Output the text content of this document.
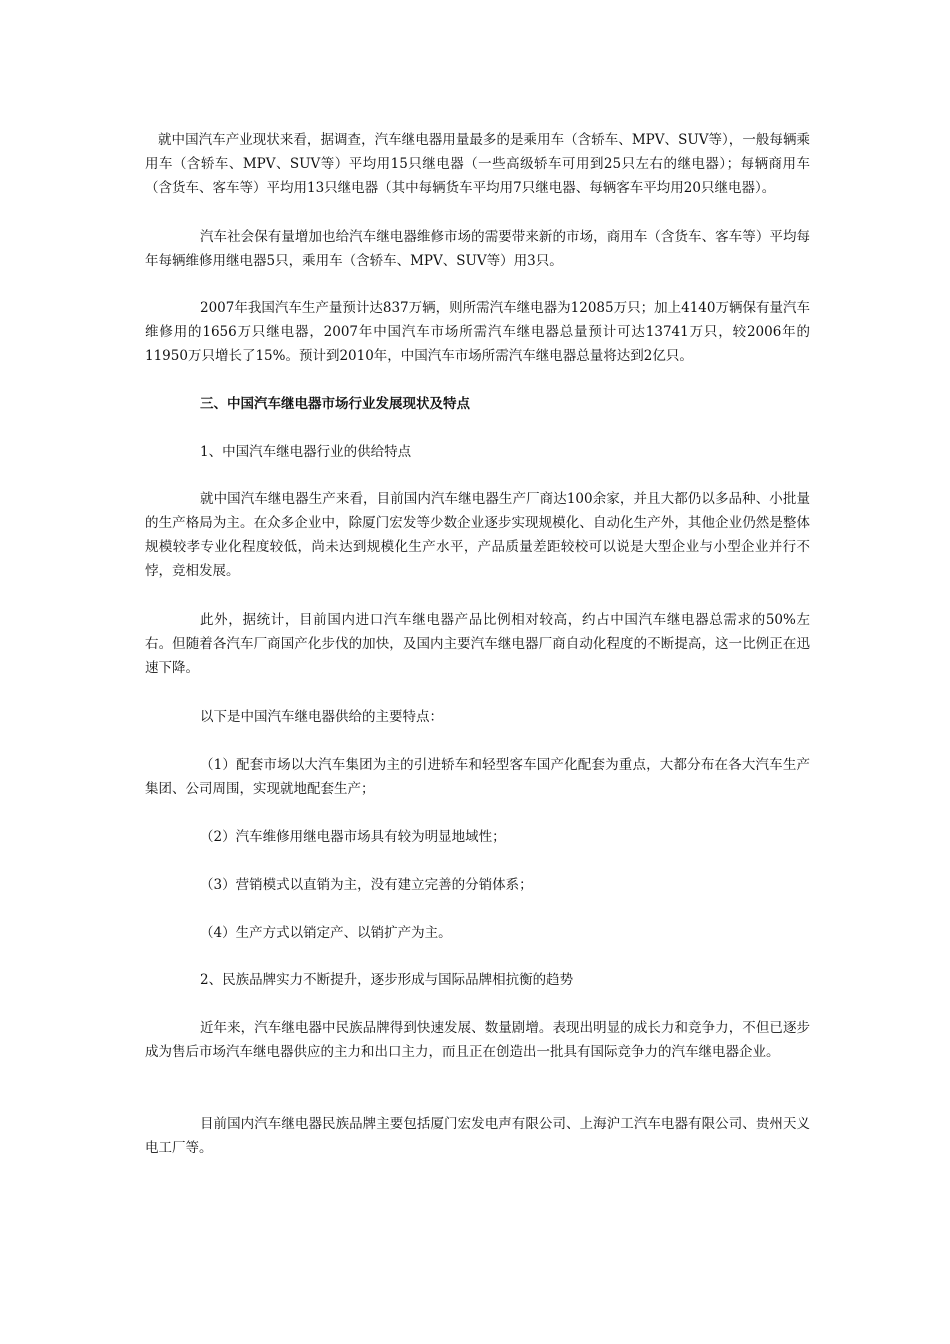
就中国汽车产业现状来看，据调查，汽车继电器用量最多的是乘用车（含轿车、MPV、SUV等），一般每辆乘用车（含轿车、MPV、SUV等）平均用15只继电器（一些高级轿车可用到25只左右的继电器）；每辆商用车（含货车、客车等）平均用13只继电器（其中每辆货车平均用7只继电器、每辆客车平均用20只继电器）。

汽车社会保有量增加也给汽车继电器维修市场的需要带来新的市场，商用车（含货车、客车等）平均每年每辆维修用继电器5只，乘用车（含轿车、MPV、SUV等）用3只。

2007年我国汽车生产量预计达837万辆，则所需汽车继电器为12085万只；加上4140万辆保有量汽车维修用的1656万只继电器，2007年中国汽车市场所需汽车继电器总量预计可达13741万只，较2006年的11950万只增长了15%。预计到2010年，中国汽车市场所需汽车继电器总量将达到2亿只。

三、中国汽车继电器市场行业发展现状及特点

1、中国汽车继电器行业的供给特点

就中国汽车继电器生产来看，目前国内汽车继电器生产厂商达100余家，并且大都仍以多品种、小批量的生产格局为主。在众多企业中，除厦门宏发等少数企业逐步实现规模化、自动化生产外，其他企业仍然是整体规模较孝专业化程度较低，尚未达到规模化生产水平，产品质量差距较校可以说是大型企业与小型企业并行不悖，竞相发展。

此外，据统计，目前国内进口汽车继电器产品比例相对较高，约占中国汽车继电器总需求的50%左右。但随着各汽车厂商国产化步伐的加快，及国内主要汽车继电器厂商自动化程度的不断提高，这一比例正在迅速下降。

以下是中国汽车继电器供给的主要特点：

（1）配套市场以大汽车集团为主的引进轿车和轻型客车国产化配套为重点，大都分布在各大汽车生产集团、公司周围，实现就地配套生产；

（2）汽车维修用继电器市场具有较为明显地域性；

（3）营销模式以直销为主，没有建立完善的分销体系；

（4）生产方式以销定产、以销扩产为主。

2、民族品牌实力不断提升，逐步形成与国际品牌相抗衡的趋势

近年来，汽车继电器中民族品牌得到快速发展、数量剧增。表现出明显的成长力和竞争力，不但已逐步成为售后市场汽车继电器供应的主力和出口主力，而且正在创造出一批具有国际竞争力的汽车继电器企业。

目前国内汽车继电器民族品牌主要包括厦门宏发电声有限公司、上海沪工汽车电器有限公司、贵州天义电工厂等。
